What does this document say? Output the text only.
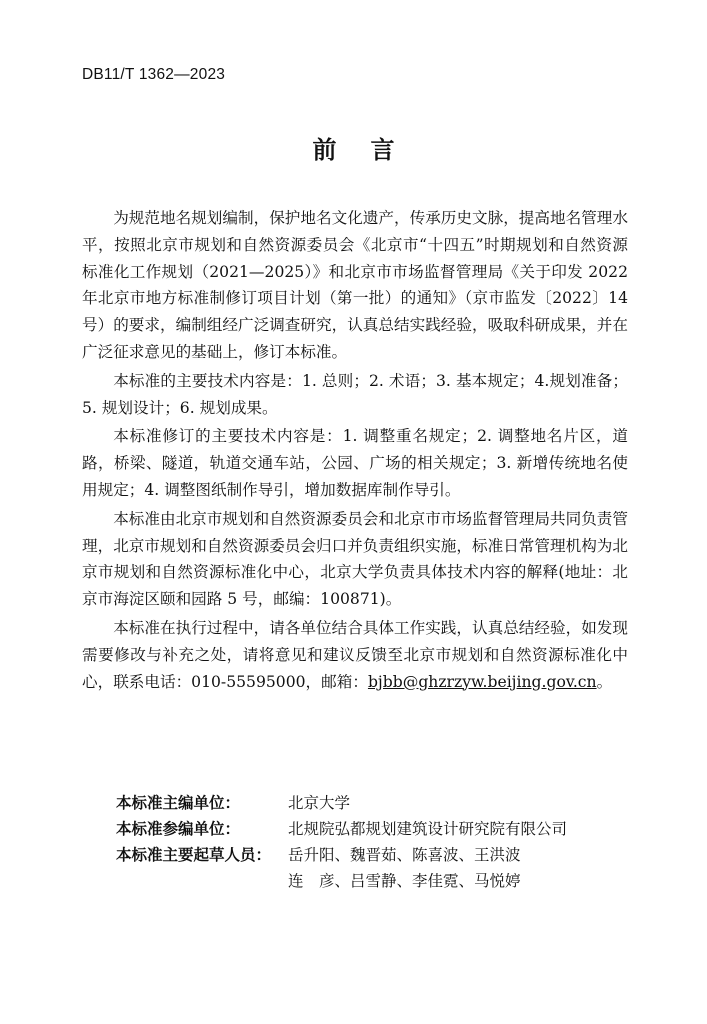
DB11/T 1362—2023
前言

为规范地名规划编制，保护地名文化遗产，传承历史文脉，提高地名管理水平，按照北京市规划和自然资源委员会《北京市“十四五”时期规划和自然资源标准化工作规划（2021—2025）》和北京市市场监督管理局《关于印发 2022 年北京市地方标准制修订项目计划（第一批）的通知》（京市监发〔2022〕14 号）的要求，编制组经广泛调查研究，认真总结实践经验，吸取科研成果，并在广泛征求意见的基础上，修订本标准。

本标准的主要技术内容是：1. 总则；2. 术语；3. 基本规定；4.规划准备；5. 规划设计；6. 规划成果。

本标准修订的主要技术内容是：1. 调整重名规定；2. 调整地名片区，道路，桥梁、隧道，轨道交通车站，公园、广场的相关规定；3. 新增传统地名使用规定；4. 调整图纸制作导引，增加数据库制作导引。

本标准由北京市规划和自然资源委员会和北京市市场监督管理局共同负责管理，北京市规划和自然资源委员会归口并负责组织实施，标准日常管理机构为北京市规划和自然资源标准化中心，北京大学负责具体技术内容的解释(地址：北京市海淀区颐和园路 5 号，邮编：100871)。

本标准在执行过程中，请各单位结合具体工作实践，认真总结经验，如发现需要修改与补充之处，请将意见和建议反馈至北京市规划和自然资源标准化中心，联系电话：010-55595000，邮箱：bjbb@ghzrzyw.beijing.gov.cn。

本标准主编单位：	北京大学
本标准参编单位：	北规院弘都规划建筑设计研究院有限公司
本标准主要起草人员：	岳升阳、魏晋茹、陈喜波、王洪波
连　彦、吕雪静、李佳霓、马悦婷
